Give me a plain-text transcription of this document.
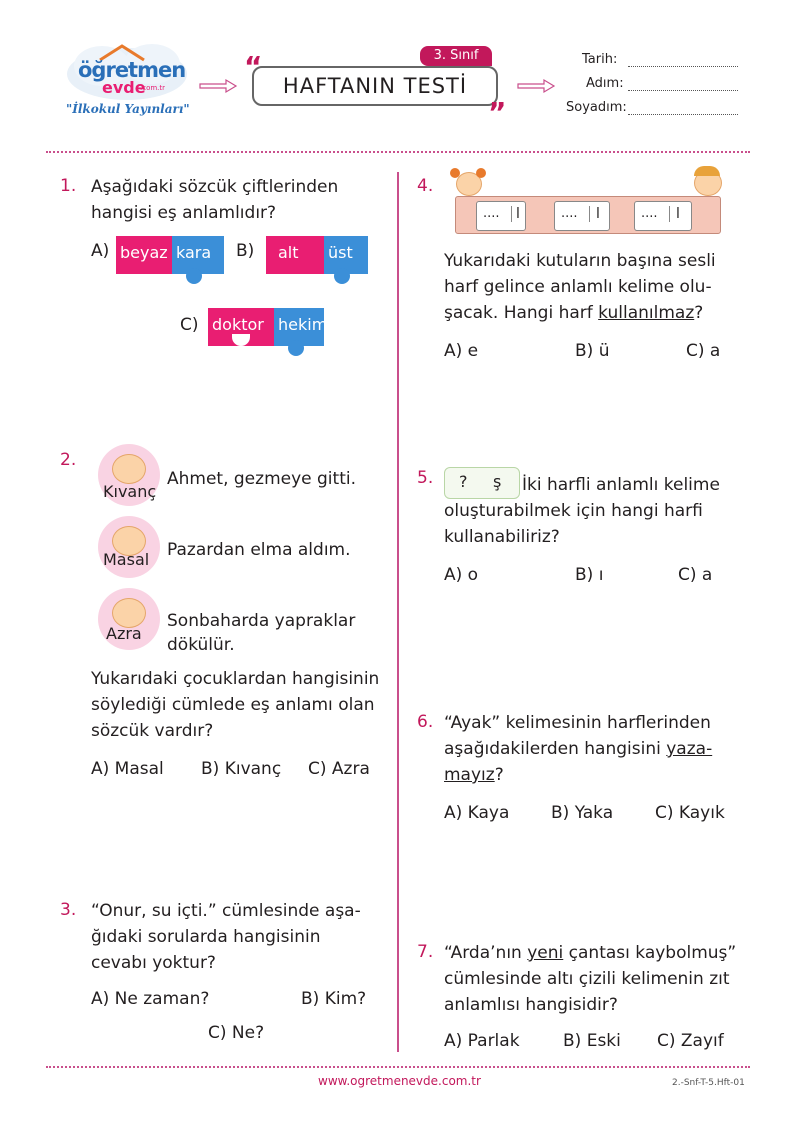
öğretmen
evde
.com.tr
"İlkokul Yayınları"
HAFTANIN TESTİ
“
”
3. Sınıf	Tarih:
Adım:
Soyadım:
1. Aşağıdaki sözcük çiftlerinden
hangisi eş anlamlıdır?
A) beyaz kara	B)	alt	üst
C) doktor hekim
2.
Kıvanç
Ahmet, gezmeye gitti.
Masal Pazardan elma aldım.
Azra
Sonbaharda yapraklar
dökülür.
Yukarıdaki çocuklardan hangisinin
söylediği cümlede eş anlamı olan
sözcük vardır?
A) Masal B) Kıvanç C) Azra
3. “Onur, su içti.” cümlesinde aşa-
ğıdaki sorularda hangisinin
cevabı yoktur?
A) Ne zaman?	B) Kim?
C) Ne?
4.
....	l	....	l	....	l
Yukarıdaki kutuların başına sesli
harf gelince anlamlı kelime olu-
şacak. Hangi harf kullanılmaz?
A) e	B) ü	C) a
5. ? ş İki harfli anlamlı kelime
oluşturabilmek için hangi harfi
kullanabiliriz?
A) o	B) ı	C) a
6. “Ayak” kelimesinin harflerinden
aşağıdakilerden hangisini yaza-
mayız?
A) Kaya B) Yaka C) Kayık
7. “Arda’nın yeni çantası kaybolmuş”
cümlesinde altı çizili kelimenin zıt
anlamlısı hangisidir?
A) Parlak	B) Eski C) Zayıf
www.ogretmenevde.com.tr	2.-Snf-T-5.Hft-01
